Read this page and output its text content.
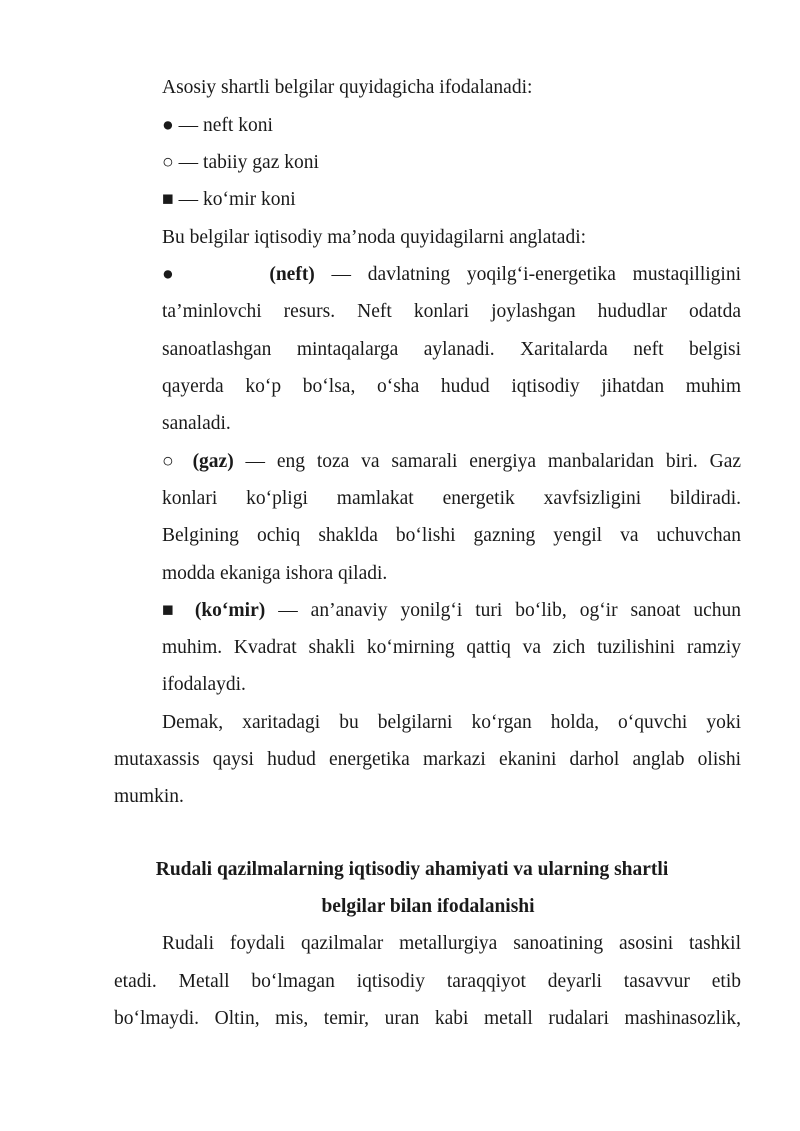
Asosiy shartli belgilar quyidagicha ifodalanadi:
● — neft koni
○ — tabiiy gaz koni
■ — ko‘mir koni
Bu belgilar iqtisodiy ma’noda quyidagilarni anglatadi:
●	(neft) — davlatning yoqilg‘i-energetika mustaqilligini
ta’minlovchi resurs. Neft konlari joylashgan hududlar odatda
sanoatlashgan mintaqalarga aylanadi. Xaritalarda neft belgisi
qayerda ko‘p bo‘lsa, o‘sha hudud iqtisodiy jihatdan muhim
sanaladi.
○ (gaz) — eng toza va samarali energiya manbalaridan biri. Gaz
konlari ko‘pligi mamlakat energetik xavfsizligini bildiradi.
Belgining ochiq shaklda bo‘lishi gazning yengil va uchuvchan
modda ekaniga ishora qiladi.
■ (ko‘mir) — an’anaviy yonilg‘i turi bo‘lib, og‘ir sanoat uchun
muhim. Kvadrat shakli ko‘mirning qattiq va zich tuzilishini ramziy
ifodalaydi.
Demak, xaritadagi bu belgilarni ko‘rgan holda, o‘quvchi yoki
mutaxassis qaysi hudud energetika markazi ekanini darhol anglab olishi
mumkin.
Rudali qazilmalarning iqtisodiy ahamiyati va ularning shartli
belgilar bilan ifodalanishi
Rudali foydali qazilmalar metallurgiya sanoatining asosini tashkil
etadi. Metall bo‘lmagan iqtisodiy taraqqiyot deyarli tasavvur etib
bo‘lmaydi. Oltin, mis, temir, uran kabi metall rudalari mashinasozlik,
